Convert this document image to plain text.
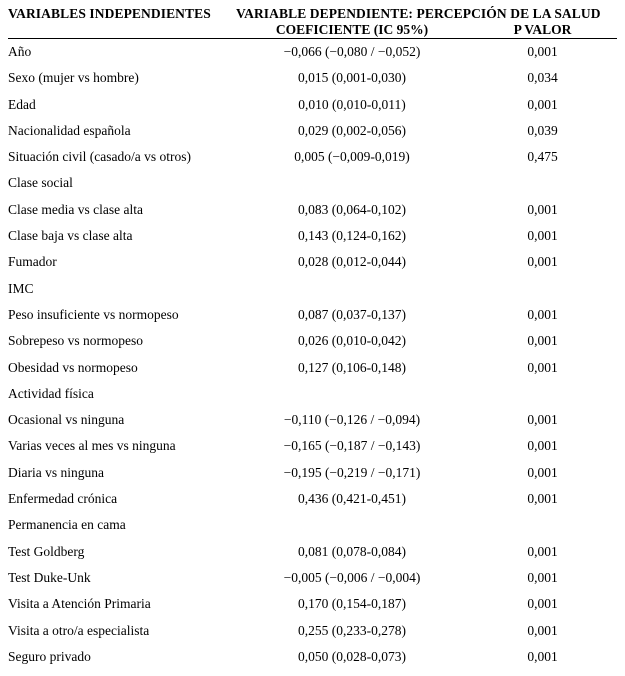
VARIABLES INDEPENDIENTES	VARIABLE DEPENDIENTE: PERCEPCIÓN DE LA SALUD	
	COEFICIENTE (IC 95%)	P VALOR
Año	−0,066 (−0,080 / −0,052)	0,001
Sexo (mujer vs hombre)	0,015 (0,001-0,030)	0,034
Edad	0,010 (0,010-0,011)	0,001
Nacionalidad española	0,029 (0,002-0,056)	0,039
Situación civil (casado/a vs otros)	0,005 (−0,009-0,019)	0,475
Clase social		
Clase media vs clase alta	0,083 (0,064-0,102)	0,001
Clase baja vs clase alta	0,143 (0,124-0,162)	0,001
Fumador	0,028 (0,012-0,044)	0,001
IMC		
Peso insuficiente vs normopeso	0,087 (0,037-0,137)	0,001
Sobrepeso vs normopeso	0,026 (0,010-0,042)	0,001
Obesidad vs normopeso	0,127 (0,106-0,148)	0,001
Actividad física		
Ocasional vs ninguna	−0,110 (−0,126 / −0,094)	0,001
Varias veces al mes vs ninguna	−0,165 (−0,187 / −0,143)	0,001
Diaria vs ninguna	−0,195 (−0,219 / −0,171)	0,001
Enfermedad crónica	0,436 (0,421-0,451)	0,001
Permanencia en cama		
Test Goldberg	0,081 (0,078-0,084)	0,001
Test Duke-Unk	−0,005 (−0,006 / −0,004)	0,001
Visita a Atención Primaria	0,170 (0,154-0,187)	0,001
Visita a otro/a especialista	0,255 (0,233-0,278)	0,001
Seguro privado	0,050 (0,028-0,073)	0,001
